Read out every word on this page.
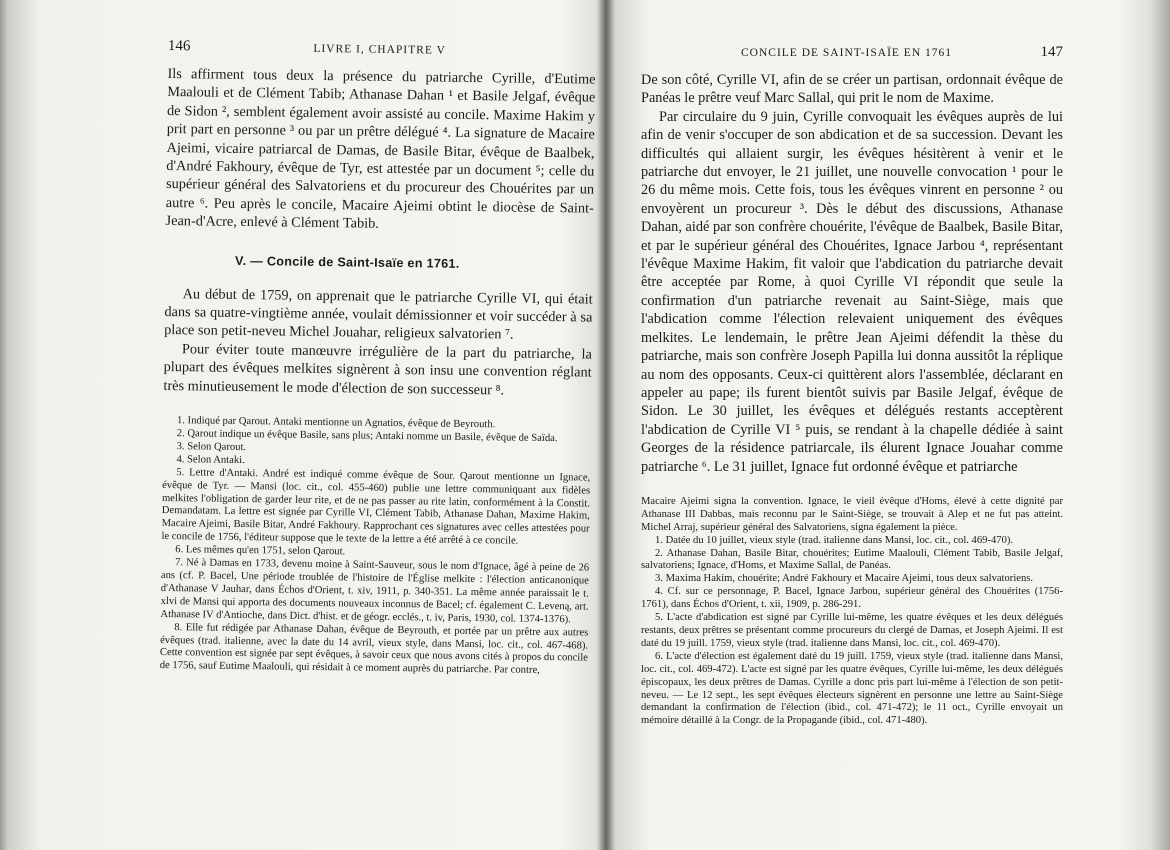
146	LIVRE I, CHAPITRE V

Ils affirment tous deux la présence du patriarche Cyrille, d'Eutime Maalouli et de Clément Tabib; Athanase Dahan ¹ et Basile Jelgaf, évêque de Sidon ², semblent également avoir assisté au concile. Maxime Hakim y prit part en personne ³ ou par un prêtre délégué ⁴. La signature de Macaire Ajeimi, vicaire patriarcal de Damas, de Basile Bitar, évêque de Baalbek, d'André Fakhoury, évêque de Tyr, est attestée par un document ⁵; celle du supérieur général des Salvatoriens et du procureur des Chouérites par un autre ⁶. Peu après le concile, Macaire Ajeimi obtint le diocèse de Saint-Jean-d'Acre, enlevé à Clément Tabib.

V. — Concile de Saint-Isaïe en 1761.

Au début de 1759, on apprenait que le patriarche Cyrille VI, qui était dans sa quatre-vingtième année, voulait démissionner et voir succéder à sa place son petit-neveu Michel Jouahar, religieux salvatorien ⁷.

Pour éviter toute manœuvre irrégulière de la part du patriarche, la plupart des évêques melkites signèrent à son insu une convention réglant très minutieusement le mode d'élection de son successeur ⁸.

1. Indiqué par Qarout. Antaki mentionne un Agnatios, évêque de Beyrouth.

2. Qarout indique un évêque Basile, sans plus; Antaki nomme un Basile, évêque de Saïda.

3. Selon Qarout.

4. Selon Antaki.

5. Lettre d'Antaki. André est indiqué comme évêque de Sour. Qarout mentionne un Ignace, évêque de Tyr. — Mansi (loc. cit., col. 455-460) publie une lettre communiquant aux fidèles melkites l'obligation de garder leur rite, et de ne pas passer au rite latin, conformément à la Constit. Demandatam. La lettre est signée par Cyrille VI, Clément Tabib, Athanase Dahan, Maxime Hakim, Macaire Ajeimi, Basile Bitar, André Fakhoury. Rapprochant ces signatures avec celles attestées pour le concile de 1756, l'éditeur suppose que le texte de la lettre a été arrêté à ce concile.

6. Les mêmes qu'en 1751, selon Qarout.

7. Né à Damas en 1733, devenu moine à Saint-Sauveur, sous le nom d'Ignace, âgé à peine de 26 ans (cf. P. Bacel, Une période troublée de l'histoire de l'Église melkite : l'élection anticanonique d'Athanase V Jauhar, dans Échos d'Orient, t. xiv, 1911, p. 340-351. La même année paraissait le t. xlvi de Mansi qui apporta des documents nouveaux inconnus de Bacel; cf. également C. Leveną, art. Athanase IV d'Antioche, dans Dict. d'hist. et de géogr. ecclés., t. iv, Paris, 1930, col. 1374-1376).

8. Elle fut rédigée par Athanase Dahan, évêque de Beyrouth, et portée par un prêtre aux autres évêques (trad. italienne, avec la date du 14 avril, vieux style, dans Mansi, loc. cit., col. 467-468). Cette convention est signée par sept évêques, à savoir ceux que nous avons cités à propos du concile de 1756, sauf Eutime Maalouli, qui résidait à ce moment auprès du patriarche. Par contre,

CONCILE DE SAINT-ISAÏE EN 1761	147

De son côté, Cyrille VI, afin de se créer un partisan, ordonnait évêque de Panéas le prêtre veuf Marc Sallal, qui prit le nom de Maxime.

Par circulaire du 9 juin, Cyrille convoquait les évêques auprès de lui afin de venir s'occuper de son abdication et de sa succession. Devant les difficultés qui allaient surgir, les évêques hésitèrent à venir et le patriarche dut envoyer, le 21 juillet, une nouvelle convocation ¹ pour le 26 du même mois. Cette fois, tous les évêques vinrent en personne ² ou envoyèrent un procureur ³. Dès le début des discussions, Athanase Dahan, aidé par son confrère chouérite, l'évêque de Baalbek, Basile Bitar, et par le supérieur général des Chouérites, Ignace Jarbou ⁴, représentant l'évêque Maxime Hakim, fit valoir que l'abdication du patriarche devait être acceptée par Rome, à quoi Cyrille VI répondit que seule la confirmation d'un patriarche revenait au Saint-Siège, mais que l'abdication comme l'élection relevaient uniquement des évêques melkites. Le lendemain, le prêtre Jean Ajeimi défendit la thèse du patriarche, mais son confrère Joseph Papilla lui donna aussitôt la réplique au nom des opposants. Ceux-ci quittèrent alors l'assemblée, déclarant en appeler au pape; ils furent bientôt suivis par Basile Jelgaf, évêque de Sidon. Le 30 juillet, les évêques et délégués restants acceptèrent l'abdication de Cyrille VI ⁵ puis, se rendant à la chapelle dédiée à saint Georges de la résidence patriarcale, ils élurent Ignace Jouahar comme patriarche ⁶. Le 31 juillet, Ignace fut ordonné évêque et patriarche

Macaire Ajeimi signa la convention. Ignace, le vieil évêque d'Homs, élevé à cette dignité par Athanase III Dabbas, mais reconnu par le Saint-Siège, se trouvait à Alep et ne fut pas atteint. Michel Arraj, supérieur général des Salvatoriens, signa également la pièce.

1. Datée du 10 juillet, vieux style (trad. italienne dans Mansi, loc. cit., col. 469-470).

2. Athanase Dahan, Basile Bitar, chouérites; Eutime Maalouli, Clément Tabib, Basile Jelgaf, salvatoriens; Ignace, d'Homs, et Maxime Sallal, de Panéas.

3. Maxima Hakim, chouérite; André Fakhoury et Macaire Ajeimi, tous deux salvatoriens.

4. Cf. sur ce personnage, P. Bacel, Ignace Jarbou, supérieur général des Chouérites (1756-1761), dans Échos d'Orient, t. xii, 1909, p. 286-291.

5. L'acte d'abdication est signé par Cyrille lui-même, les quatre évêques et les deux délégués restants, deux prêtres se présentant comme procureurs du clergé de Damas, et Joseph Ajeimi. Il est daté du 19 juill. 1759, vieux style (trad. italienne dans Mansi, loc. cit., col. 469-470).

6. L'acte d'élection est également daté du 19 juill. 1759, vieux style (trad. italienne dans Mansi, loc. cit., col. 469-472). L'acte est signé par les quatre évêques, Cyrille lui-même, les deux délégués épiscopaux, les deux prêtres de Damas. Cyrille a donc pris part lui-même à l'élection de son petit-neveu. — Le 12 sept., les sept évêques électeurs signèrent en personne une lettre au Saint-Siège demandant la confirmation de l'élection (ibid., col. 471-472); le 11 oct., Cyrille envoyait un mémoire détaillé à la Congr. de la Propagande (ibid., col. 471-480).
